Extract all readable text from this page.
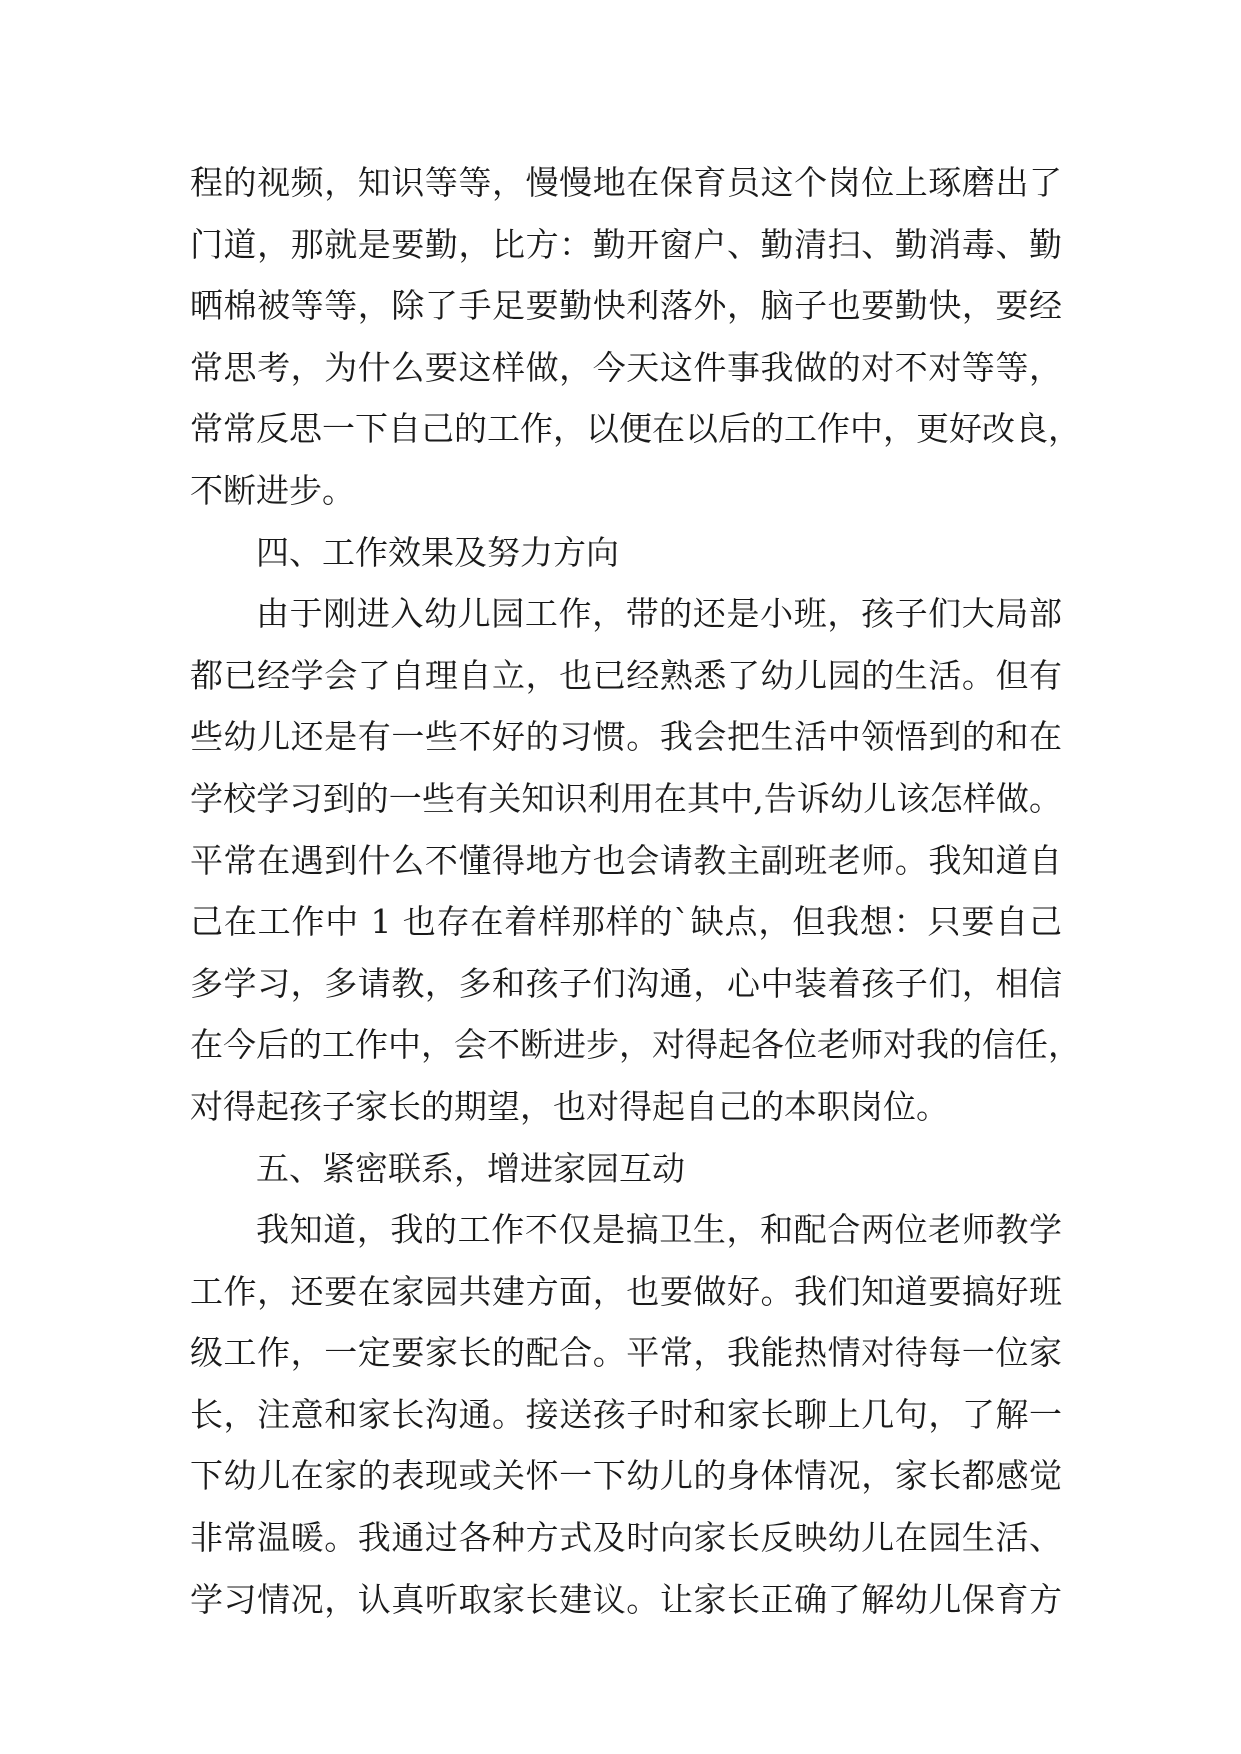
程的视频，知识等等，慢慢地在保育员这个岗位上琢磨出了
门道，那就是要勤，比方：勤开窗户、勤清扫、勤消毒、勤
晒棉被等等，除了手足要勤快利落外，脑子也要勤快，要经
常思考，为什么要这样做，今天这件事我做的对不对等等，
常常反思一下自己的工作，以便在以后的工作中，更好改良，
不断进步。
四、工作效果及努力方向
由于刚进入幼儿园工作，带的还是小班，孩子们大局部
都已经学会了自理自立，也已经熟悉了幼儿园的生活。但有
些幼儿还是有一些不好的习惯。我会把生活中领悟到的和在
学校学习到的一些有关知识利用在其中,告诉幼儿该怎样做。
平常在遇到什么不懂得地方也会请教主副班老师。我知道自
己在工作中 1 也存在着样那样的`缺点，但我想：只要自己
多学习，多请教，多和孩子们沟通，心中装着孩子们，相信
在今后的工作中，会不断进步，对得起各位老师对我的信任，
对得起孩子家长的期望，也对得起自己的本职岗位。
五、紧密联系，增进家园互动
我知道，我的工作不仅是搞卫生，和配合两位老师教学
工作，还要在家园共建方面，也要做好。我们知道要搞好班
级工作，一定要家长的配合。平常，我能热情对待每一位家
长，注意和家长沟通。接送孩子时和家长聊上几句，了解一
下幼儿在家的表现或关怀一下幼儿的身体情况，家长都感觉
非常温暖。我通过各种方式及时向家长反映幼儿在园生活、
学习情况，认真听取家长建议。让家长正确了解幼儿保育方
